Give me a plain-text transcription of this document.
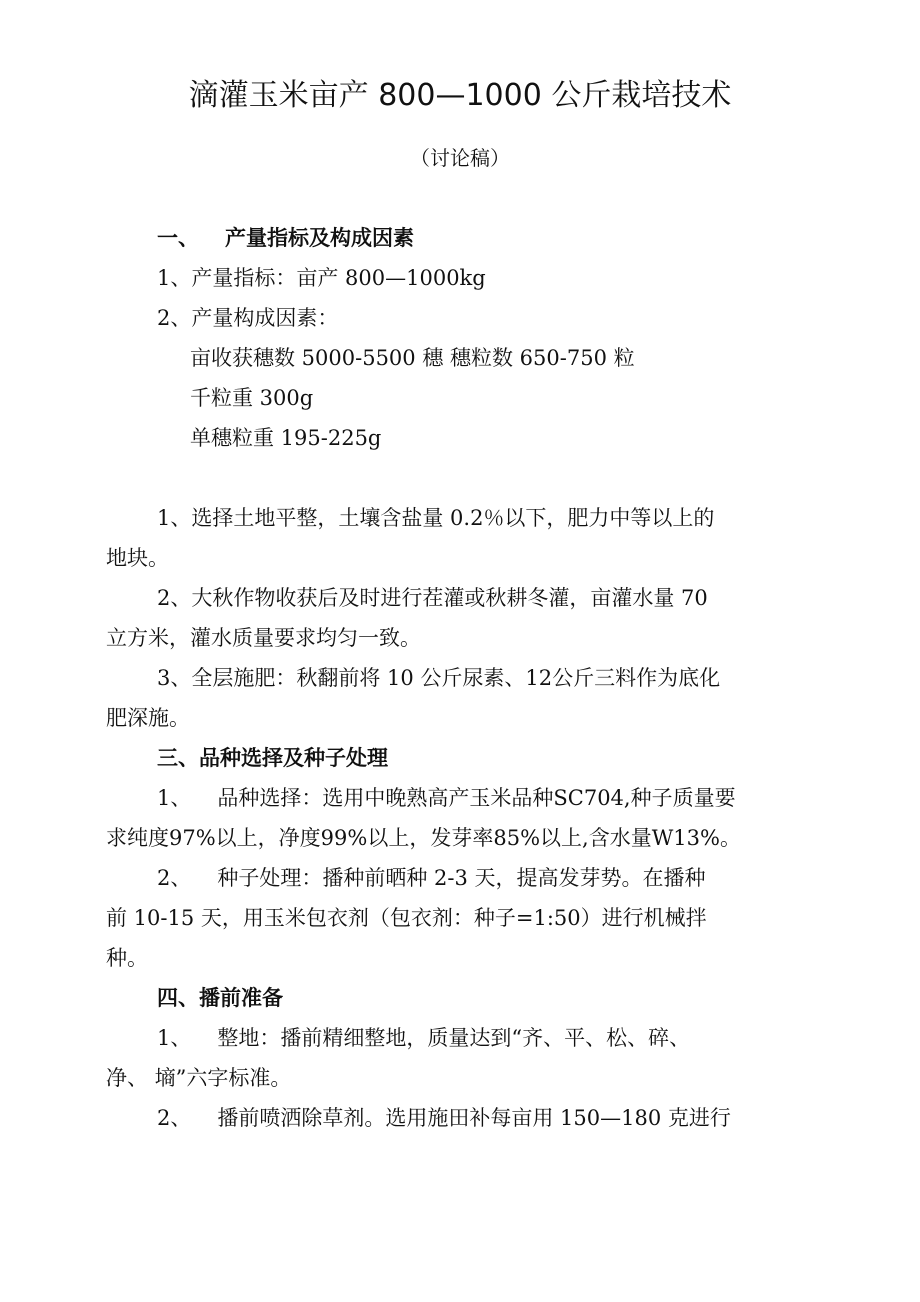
滴灌玉米亩产 800—1000 公斤栽培技术
（讨论稿）
一、 产量指标及构成因素
1、产量指标：亩产 800—1000kg
2、产量构成因素：
亩收获穗数 5000-5500 穗 穗粒数 650-750 粒
千粒重 300g
单穗粒重 195-225g
1、选择土地平整，土壤含盐量 0.2％以下，肥力中等以上的
地块。
2、大秋作物收获后及时进行茬灌或秋耕冬灌，亩灌水量 70
立方米，灌水质量要求均匀一致。
3、全层施肥：秋翻前将 10 公斤尿素、12公斤三料作为底化
肥深施。
三、品种选择及种子处理
1、 品种选择：选用中晚熟高产玉米品种SC704,种子质量要
求纯度97%以上，净度99%以上，发芽率85%以上,含水量W13%。
2、 种子处理：播种前晒种 2-3 天，提高发芽势。在播种
前 10-15 天，用玉米包衣剂（包衣剂：种子=1:50）进行机械拌
种。
四、播前准备
1、 整地：播前精细整地，质量达到“齐、平、松、碎、
净、 墒”六字标准。
2、 播前喷洒除草剂。选用施田补每亩用 150—180 克进行
